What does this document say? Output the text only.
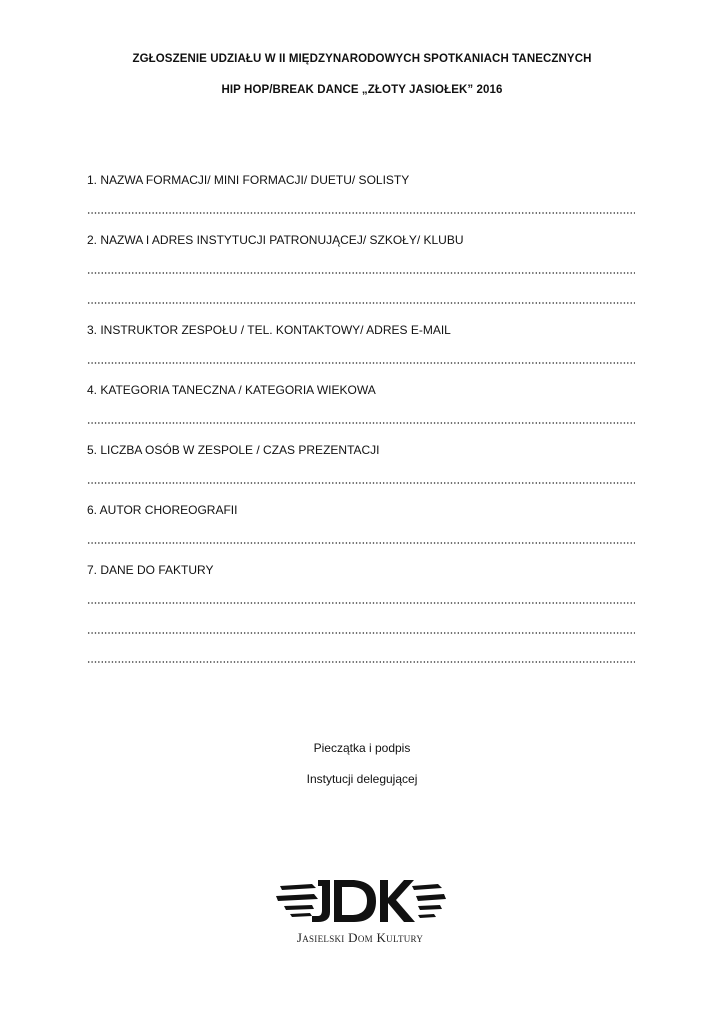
ZGŁOSZENIE UDZIAŁU W II MIĘDZYNARODOWYCH SPOTKANIACH TANECZNYCH
HIP HOP/BREAK DANCE „ZŁOTY JASIOŁEK” 2016
1. NAZWA FORMACJI/ MINI FORMACJI/ DUETU/ SOLISTY
2. NAZWA I ADRES INSTYTUCJI PATRONUJĄCEJ/ SZKOŁY/ KLUBU
3. INSTRUKTOR ZESPOŁU / TEL. KONTAKTOWY/ ADRES E-MAIL
4. KATEGORIA TANECZNA / KATEGORIA WIEKOWA
5. LICZBA OSÓB W ZESPOLE / CZAS PREZENTACJI
6. AUTOR CHOREOGRAFII
7. DANE DO FAKTURY
Pieczątka i podpis
Instytucji delegującej
Jasielski Dom Kultury
